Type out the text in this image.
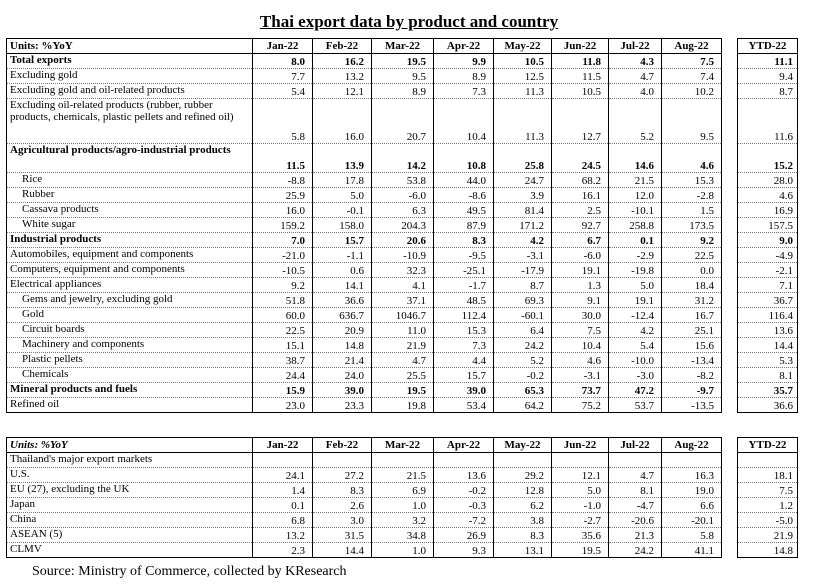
Thai export data by product and country
Units: %YoY	Jan-22	Feb-22	Mar-22	Apr-22	May-22	Jun-22	Jul-22	Aug-22		YTD-22
Total exports	8.0	16.2	19.5	9.9	10.5	11.8	4.3	7.5		11.1
Excluding gold	7.7	13.2	9.5	8.9	12.5	11.5	4.7	7.4		9.4
Excluding gold and oil-related products	5.4	12.1	8.9	7.3	11.3	10.5	4.0	10.2		8.7
Excluding oil-related products (rubber, rubber products, chemicals, plastic pellets and refined oil)	5.8	16.0	20.7	10.4	11.3	12.7	5.2	9.5		11.6
Agricultural products/agro-industrial products	11.5	13.9	14.2	10.8	25.8	24.5	14.6	4.6		15.2
Rice	-8.8	17.8	53.8	44.0	24.7	68.2	21.5	15.3		28.0
Rubber	25.9	5.0	-6.0	-8.6	3.9	16.1	12.0	-2.8		4.6
Cassava products	16.0	-0.1	6.3	49.5	81.4	2.5	-10.1	1.5		16.9
White sugar	159.2	158.0	204.3	87.9	171.2	92.7	258.8	173.5		157.5
Industrial products	7.0	15.7	20.6	8.3	4.2	6.7	0.1	9.2		9.0
Automobiles, equipment and components	-21.0	-1.1	-10.9	-9.5	-3.1	-6.0	-2.9	22.5		-4.9
Computers, equipment and components	-10.5	0.6	32.3	-25.1	-17.9	19.1	-19.8	0.0		-2.1
Electrical appliances	9.2	14.1	4.1	-1.7	8.7	1.3	5.0	18.4		7.1
Gems and jewelry, excluding gold	51.8	36.6	37.1	48.5	69.3	9.1	19.1	31.2		36.7
Gold	60.0	636.7	1046.7	112.4	-60.1	30.0	-12.4	16.7		116.4
Circuit boards	22.5	20.9	11.0	15.3	6.4	7.5	4.2	25.1		13.6
Machinery and components	15.1	14.8	21.9	7.3	24.2	10.4	5.4	15.6		14.4
Plastic pellets	38.7	21.4	4.7	4.4	5.2	4.6	-10.0	-13.4		5.3
Chemicals	24.4	24.0	25.5	15.7	-0.2	-3.1	-3.0	-8.2		8.1
Mineral products and fuels	15.9	39.0	19.5	39.0	65.3	73.7	47.2	-9.7		35.7
Refined oil	23.0	23.3	19.8	53.4	64.2	75.2	53.7	-13.5		36.6
Units: %YoY	Jan-22	Feb-22	Mar-22	Apr-22	May-22	Jun-22	Jul-22	Aug-22		YTD-22
Thailand's major export markets										
U.S.	24.1	27.2	21.5	13.6	29.2	12.1	4.7	16.3		18.1
EU (27), excluding the UK	1.4	8.3	6.9	-0.2	12.8	5.0	8.1	19.0		7.5
Japan	0.1	2.6	1.0	-0.3	6.2	-1.0	-4.7	6.6		1.2
China	6.8	3.0	3.2	-7.2	3.8	-2.7	-20.6	-20.1		-5.0
ASEAN (5)	13.2	31.5	34.8	26.9	8.3	35.6	21.3	5.8		21.9
CLMV	2.3	14.4	1.0	9.3	13.1	19.5	24.2	41.1		14.8
Source: Ministry of Commerce, collected by KResearch
